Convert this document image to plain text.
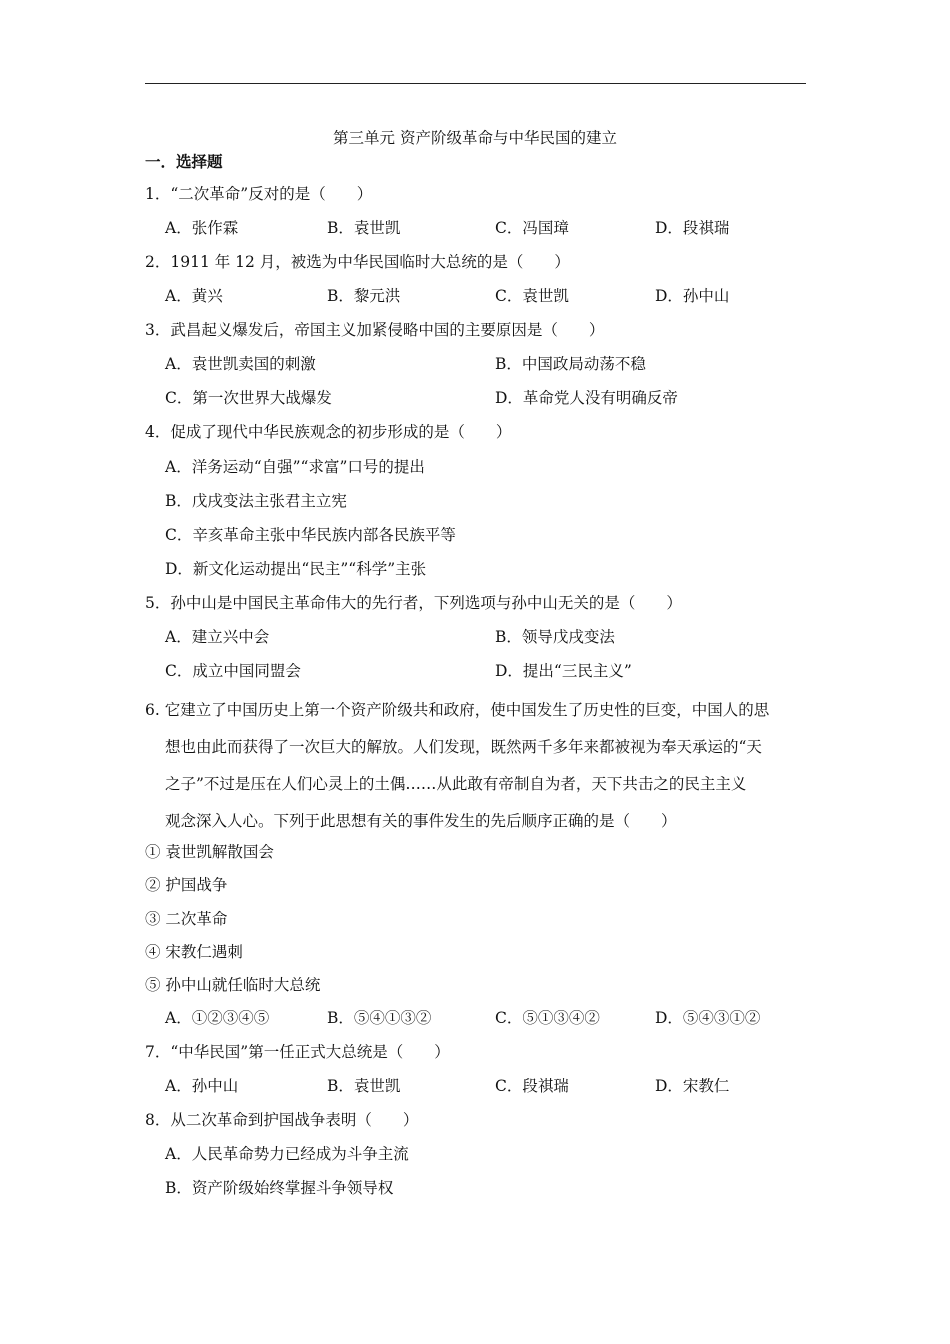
第三单元 资产阶级革命与中华民国的建立
一．选择题
1．“二次革命”反对的是（　　）
A．张作霖	B．袁世凯	C．冯国璋	D．段祺瑞
2．1911 年 12 月，被选为中华民国临时大总统的是（　　）
A．黄兴	B．黎元洪	C．袁世凯	D．孙中山
3．武昌起义爆发后，帝国主义加紧侵略中国的主要原因是（　　）
A．袁世凯卖国的刺激	B．中国政局动荡不稳
C．第一次世界大战爆发	D．革命党人没有明确反帝
4．促成了现代中华民族观念的初步形成的是（　　）
A．洋务运动“自强”“求富”口号的提出
B．戊戌变法主张君主立宪
C．辛亥革命主张中华民族内部各民族平等
D．新文化运动提出“民主”“科学”主张
5．孙中山是中国民主革命伟大的先行者，下列选项与孙中山无关的是（　　）
A．建立兴中会	B．领导戊戌变法
C．成立中国同盟会	D．提出“三民主义”
6. 它建立了中国历史上第一个资产阶级共和政府，使中国发生了历史性的巨变，中国人的思
想也由此而获得了一次巨大的解放。人们发现，既然两千多年来都被视为奉天承运的“天
之子”不过是压在人们心灵上的土偶……从此敢有帝制自为者，天下共击之的民主主义
观念深入人心。下列于此思想有关的事件发生的先后顺序正确的是（　　）
① 袁世凯解散国会
② 护国战争
③ 二次革命
④ 宋教仁遇刺
⑤ 孙中山就任临时大总统
A．①②③④⑤	B．⑤④①③②	C．⑤①③④②	D．⑤④③①②
7．“中华民国”第一任正式大总统是（　　）
A．孙中山	B．袁世凯	C．段祺瑞	D．宋教仁
8．从二次革命到护国战争表明（　　）
A．人民革命势力已经成为斗争主流
B．资产阶级始终掌握斗争领导权
